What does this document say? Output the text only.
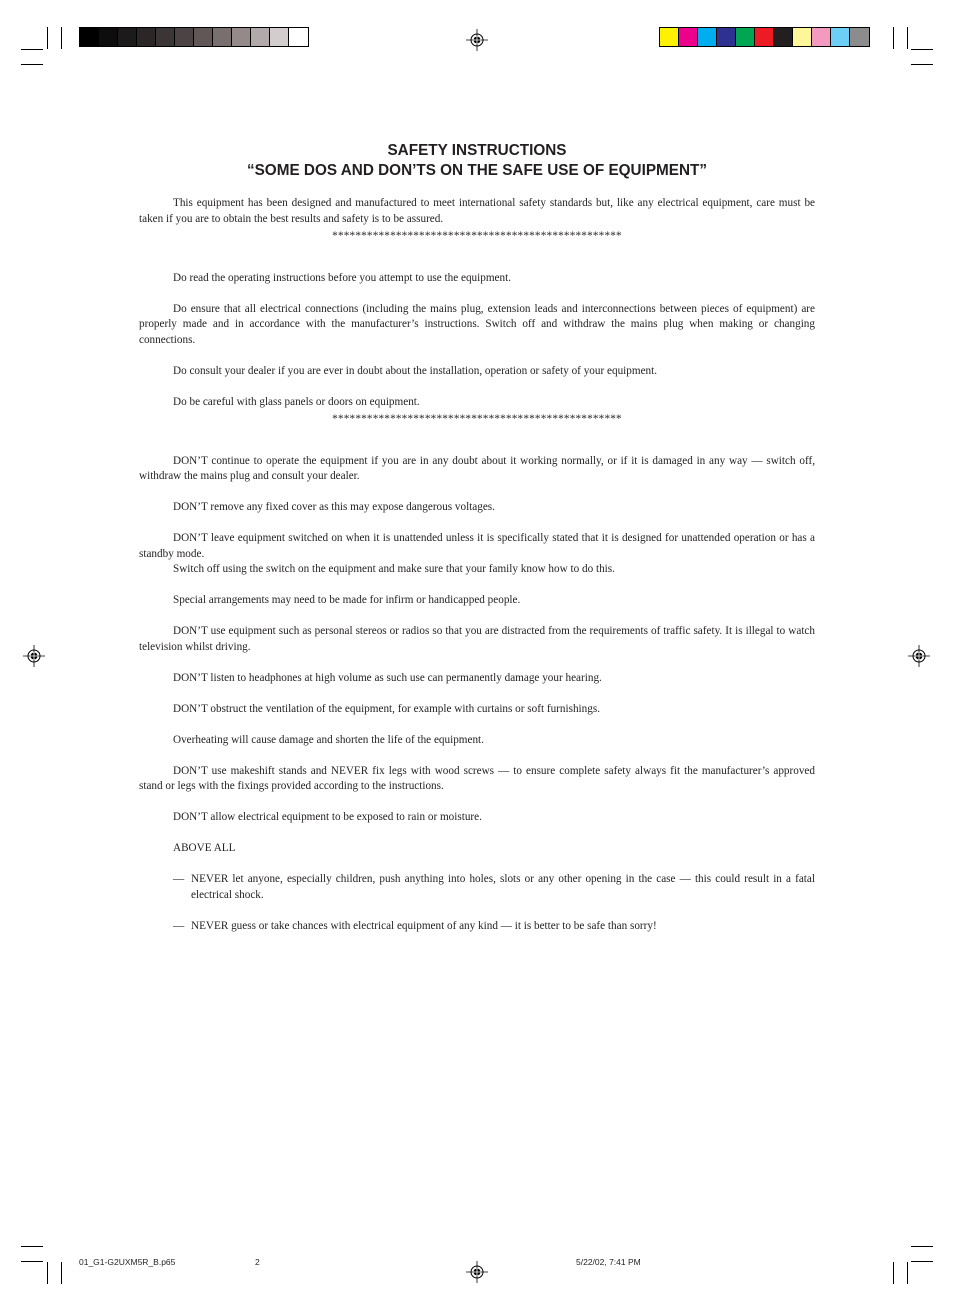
SAFETY INSTRUCTIONS

“SOME DOS AND DON’TS ON THE SAFE USE OF EQUIPMENT”

This equipment has been designed and manufactured to meet international safety standards but, like any electrical equipment, care must be taken if you are to obtain the best results and safety is to be assured.

**************************************************

Do read the operating instructions before you attempt to use the equipment.

Do ensure that all electrical connections (including the mains plug, extension leads and interconnections between pieces of equipment) are properly made and in accordance with the manufacturer’s instructions. Switch off and withdraw the mains plug when making or changing connections.

Do consult your dealer if you are ever in doubt about the installation, operation or safety of your equipment.

Do be careful with glass panels or doors on equipment.

**************************************************

DON’T continue to operate the equipment if you are in any doubt about it working normally, or if it is damaged in any way — switch off, withdraw the mains plug and consult your dealer.

DON’T remove any fixed cover as this may expose dangerous voltages.

DON’T leave equipment switched on when it is unattended unless it is specifically stated that it is designed for unattended operation or has a standby mode.

Switch off using the switch on the equipment and make sure that your family know how to do this.

Special arrangements may need to be made for infirm or handicapped people.

DON’T use equipment such as personal stereos or radios so that you are distracted from the requirements of traffic safety. It is illegal to watch television whilst driving.

DON’T listen to headphones at high volume as such use can permanently damage your hearing.

DON’T obstruct the ventilation of the equipment, for example with curtains or soft furnishings.

Overheating will cause damage and shorten the life of the equipment.

DON’T use makeshift stands and NEVER fix legs with wood screws — to ensure complete safety always fit the manufacturer’s approved stand or legs with the fixings provided according to the instructions.

DON’T allow electrical equipment to be exposed to rain or moisture.

ABOVE ALL

— NEVER let anyone, especially children, push anything into holes, slots or any other opening in the case — this could result in a fatal electrical shock.
— NEVER guess or take chances with electrical equipment of any kind — it is better to be safe than sorry!
01_G1-G2UXM5R_B.p65	2	5/22/02, 7:41 PM
